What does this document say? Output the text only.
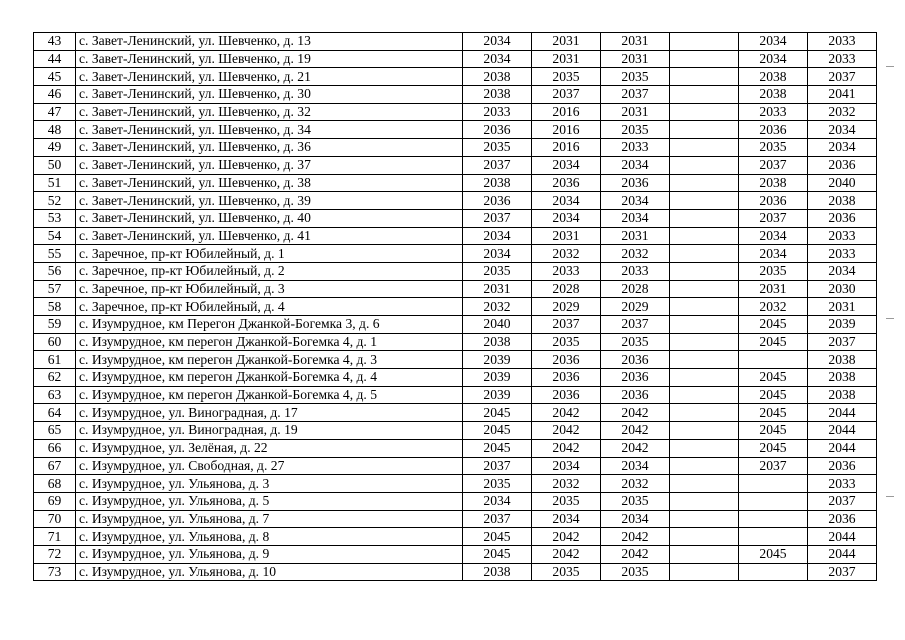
43	с. Завет-Ленинский, ул. Шевченко, д. 13	2034	2031	2031		2034	2033
44	с. Завет-Ленинский, ул. Шевченко, д. 19	2034	2031	2031		2034	2033
45	с. Завет-Ленинский, ул. Шевченко, д. 21	2038	2035	2035		2038	2037
46	с. Завет-Ленинский, ул. Шевченко, д. 30	2038	2037	2037		2038	2041
47	с. Завет-Ленинский, ул. Шевченко, д. 32	2033	2016	2031		2033	2032
48	с. Завет-Ленинский, ул. Шевченко, д. 34	2036	2016	2035		2036	2034
49	с. Завет-Ленинский, ул. Шевченко, д. 36	2035	2016	2033		2035	2034
50	с. Завет-Ленинский, ул. Шевченко, д. 37	2037	2034	2034		2037	2036
51	с. Завет-Ленинский, ул. Шевченко, д. 38	2038	2036	2036		2038	2040
52	с. Завет-Ленинский, ул. Шевченко, д. 39	2036	2034	2034		2036	2038
53	с. Завет-Ленинский, ул. Шевченко, д. 40	2037	2034	2034		2037	2036
54	с. Завет-Ленинский, ул. Шевченко, д. 41	2034	2031	2031		2034	2033
55	с. Заречное, пр-кт Юбилейный, д. 1	2034	2032	2032		2034	2033
56	с. Заречное, пр-кт Юбилейный, д. 2	2035	2033	2033		2035	2034
57	с. Заречное, пр-кт Юбилейный, д. 3	2031	2028	2028		2031	2030
58	с. Заречное, пр-кт Юбилейный, д. 4	2032	2029	2029		2032	2031
59	с. Изумрудное, км Перегон Джанкой-Богемка 3, д. 6	2040	2037	2037		2045	2039
60	с. Изумрудное, км перегон Джанкой-Богемка 4, д. 1	2038	2035	2035		2045	2037
61	с. Изумрудное, км перегон Джанкой-Богемка 4, д. 3	2039	2036	2036			2038
62	с. Изумрудное, км перегон Джанкой-Богемка 4, д. 4	2039	2036	2036		2045	2038
63	с. Изумрудное, км перегон Джанкой-Богемка 4, д. 5	2039	2036	2036		2045	2038
64	с. Изумрудное, ул. Виноградная, д. 17	2045	2042	2042		2045	2044
65	с. Изумрудное, ул. Виноградная, д. 19	2045	2042	2042		2045	2044
66	с. Изумрудное, ул. Зелёная, д. 22	2045	2042	2042		2045	2044
67	с. Изумрудное, ул. Свободная, д. 27	2037	2034	2034		2037	2036
68	с. Изумрудное, ул. Ульянова, д. 3	2035	2032	2032			2033
69	с. Изумрудное, ул. Ульянова, д. 5	2034	2035	2035			2037
70	с. Изумрудное, ул. Ульянова, д. 7	2037	2034	2034			2036
71	с. Изумрудное, ул. Ульянова, д. 8	2045	2042	2042			2044
72	с. Изумрудное, ул. Ульянова, д. 9	2045	2042	2042		2045	2044
73	с. Изумрудное, ул. Ульянова, д. 10	2038	2035	2035			2037
